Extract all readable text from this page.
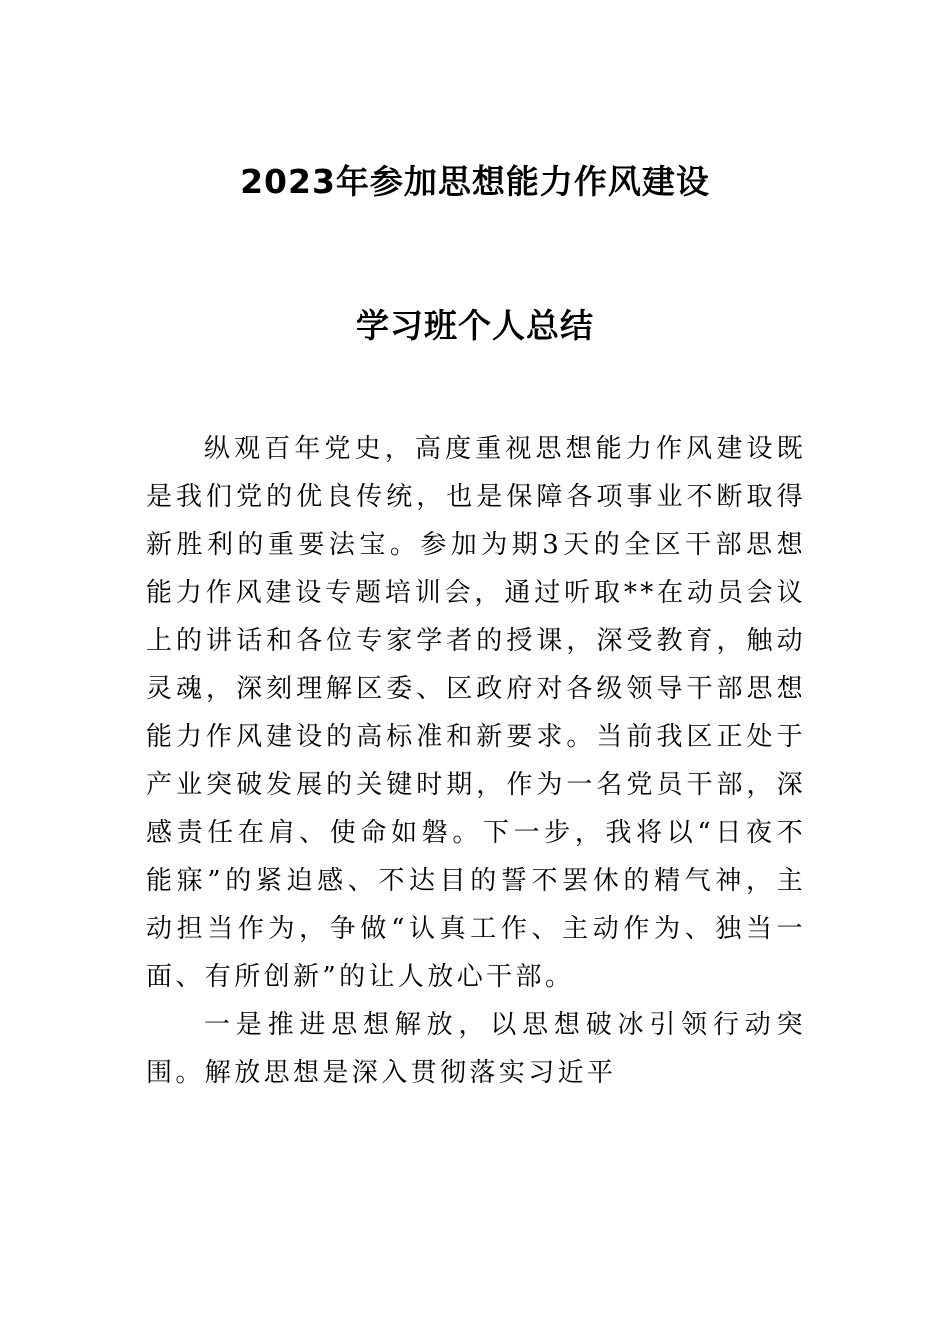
2023年参加思想能力作风建设
学习班个人总结

纵观百年党史，高度重视思想能力作风建设既是我们党的优良传统，也是保障各项事业不断取得新胜利的重要法宝。参加为期3天的全区干部思想能力作风建设专题培训会，通过听取**在动员会议上的讲话和各位专家学者的授课，深受教育，触动灵魂，深刻理解区委、区政府对各级领导干部思想能力作风建设的高标准和新要求。当前我区正处于产业突破发展的关键时期，作为一名党员干部，深感责任在肩、使命如磐。下一步，我将以“日夜不能寐”的紧迫感、不达目的誓不罢休的精气神，主动担当作为，争做“认真工作、主动作为、独当一面、有所创新”的让人放心干部。

一是推进思想解放，以思想破冰引领行动突围。解放思想是深入贯彻落实习近平
